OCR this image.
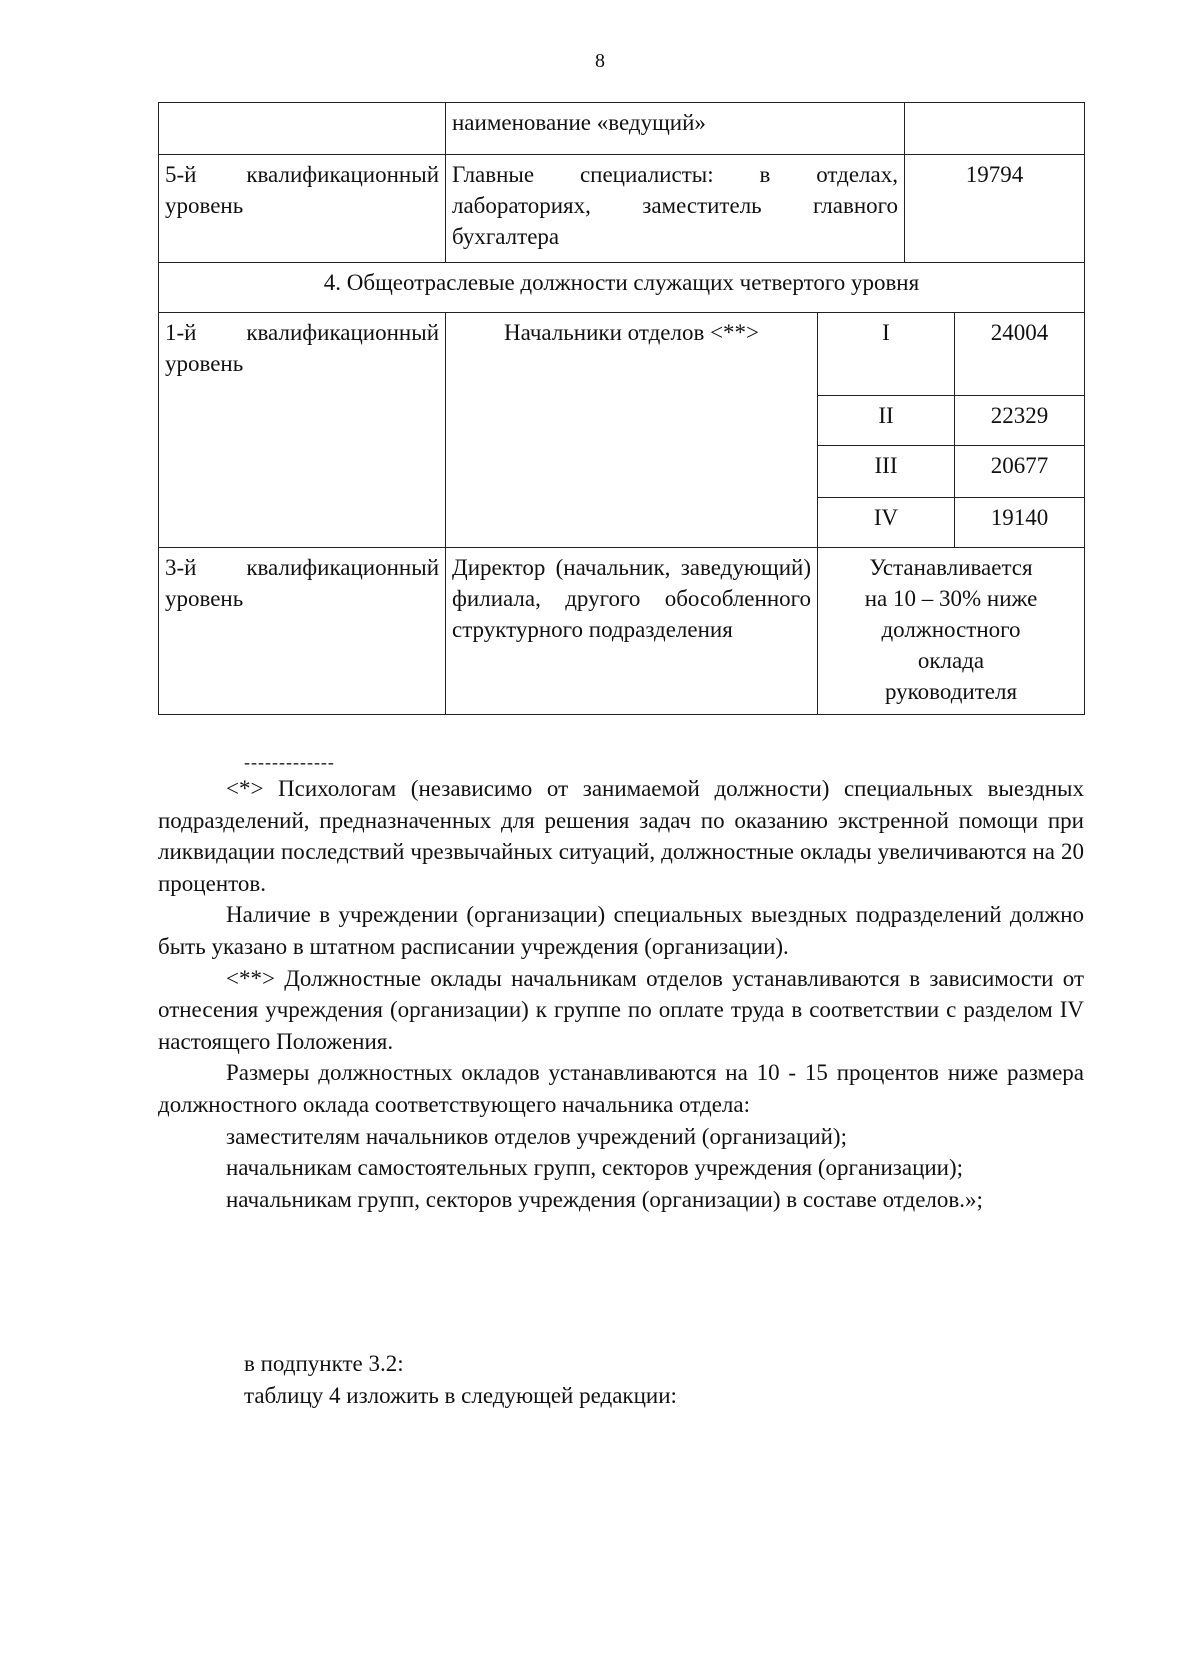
8
	наименование «ведущий»			
5-й квалификационный уровень	Главные специалисты: в отделах, лабораториях, заместитель главного бухгалтера		19794	
4. Общеотраслевые должности служащих четвертого уровня				
1-й квалификационный уровень	Начальники отделов <**>	I		24004
		II		22329
		III		20677
		IV		19140
3-й квалификационный уровень	Директор (начальник, заведующий) филиала, другого обособленного структурного подразделения	Устанавливается
на 10 – 30% ниже
должностного
оклада
руководителя		
-------------

<*> Психологам (независимо от занимаемой должности) специальных выездных подразделений, предназначенных для решения задач по оказанию экстренной помощи при ликвидации последствий чрезвычайных ситуаций, должностные оклады увеличиваются на 20 процентов.

Наличие в учреждении (организации) специальных выездных подразделений должно быть указано в штатном расписании учреждения (организации).

<**> Должностные оклады начальникам отделов устанавливаются в зависимости от отнесения учреждения (организации) к группе по оплате труда в соответствии с разделом IV настоящего Положения.

Размеры должностных окладов устанавливаются на 10 - 15 процентов ниже размера должностного оклада соответствующего начальника отдела:

заместителям начальников отделов учреждений (организаций);

начальникам самостоятельных групп, секторов учреждения (организации);

начальникам групп, секторов учреждения (организации) в составе отделов.»;

в подпункте 3.2:

таблицу 4 изложить в следующей редакции:
